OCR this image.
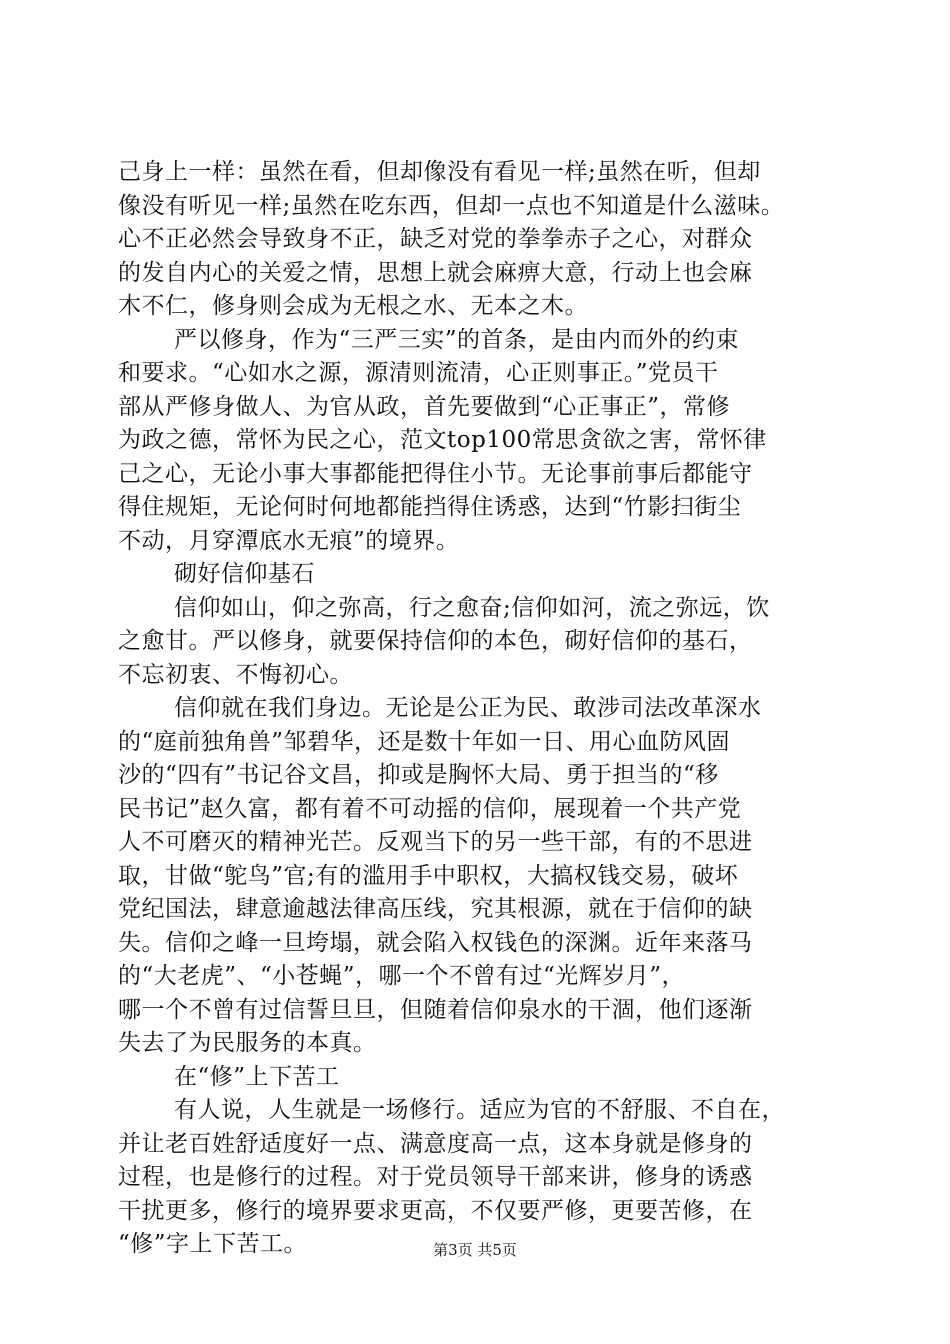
己身上一样：虽然在看，但却像没有看见一样;虽然在听，但却
像没有听见一样;虽然在吃东西，但却一点也不知道是什么滋味。
心不正必然会导致身不正，缺乏对党的拳拳赤子之心，对群众
的发自内心的关爱之情，思想上就会麻痹大意，行动上也会麻
木不仁，修身则会成为无根之水、无本之木。
严以修身，作为“三严三实”的首条，是由内而外的约束
和要求。“心如水之源，源清则流清，心正则事正。”党员干
部从严修身做人、为官从政，首先要做到“心正事正”，常修
为政之德，常怀为民之心，范文top100常思贪欲之害，常怀律
己之心，无论小事大事都能把得住小节。无论事前事后都能守
得住规矩，无论何时何地都能挡得住诱惑，达到“竹影扫街尘
不动，月穿潭底水无痕”的境界。
砌好信仰基石
信仰如山，仰之弥高，行之愈奋;信仰如河，流之弥远，饮
之愈甘。严以修身，就要保持信仰的本色，砌好信仰的基石，
不忘初衷、不悔初心。
信仰就在我们身边。无论是公正为民、敢涉司法改革深水
的“庭前独角兽”邹碧华，还是数十年如一日、用心血防风固
沙的“四有”书记谷文昌，抑或是胸怀大局、勇于担当的“移
民书记”赵久富，都有着不可动摇的信仰，展现着一个共产党
人不可磨灭的精神光芒。反观当下的另一些干部，有的不思进
取，甘做“鸵鸟”官;有的滥用手中职权，大搞权钱交易，破坏
党纪国法，肆意逾越法律高压线，究其根源，就在于信仰的缺
失。信仰之峰一旦垮塌，就会陷入权钱色的深渊。近年来落马
的“大老虎”、“小苍蝇”，哪一个不曾有过“光辉岁月”，
哪一个不曾有过信誓旦旦，但随着信仰泉水的干涸，他们逐渐
失去了为民服务的本真。
在“修”上下苦工
有人说，人生就是一场修行。适应为官的不舒服、不自在，
并让老百姓舒适度好一点、满意度高一点，这本身就是修身的
过程，也是修行的过程。对于党员领导干部来讲，修身的诱惑
干扰更多，修行的境界要求更高，不仅要严修，更要苦修，在
“修”字上下苦工。	第3页 共5页
